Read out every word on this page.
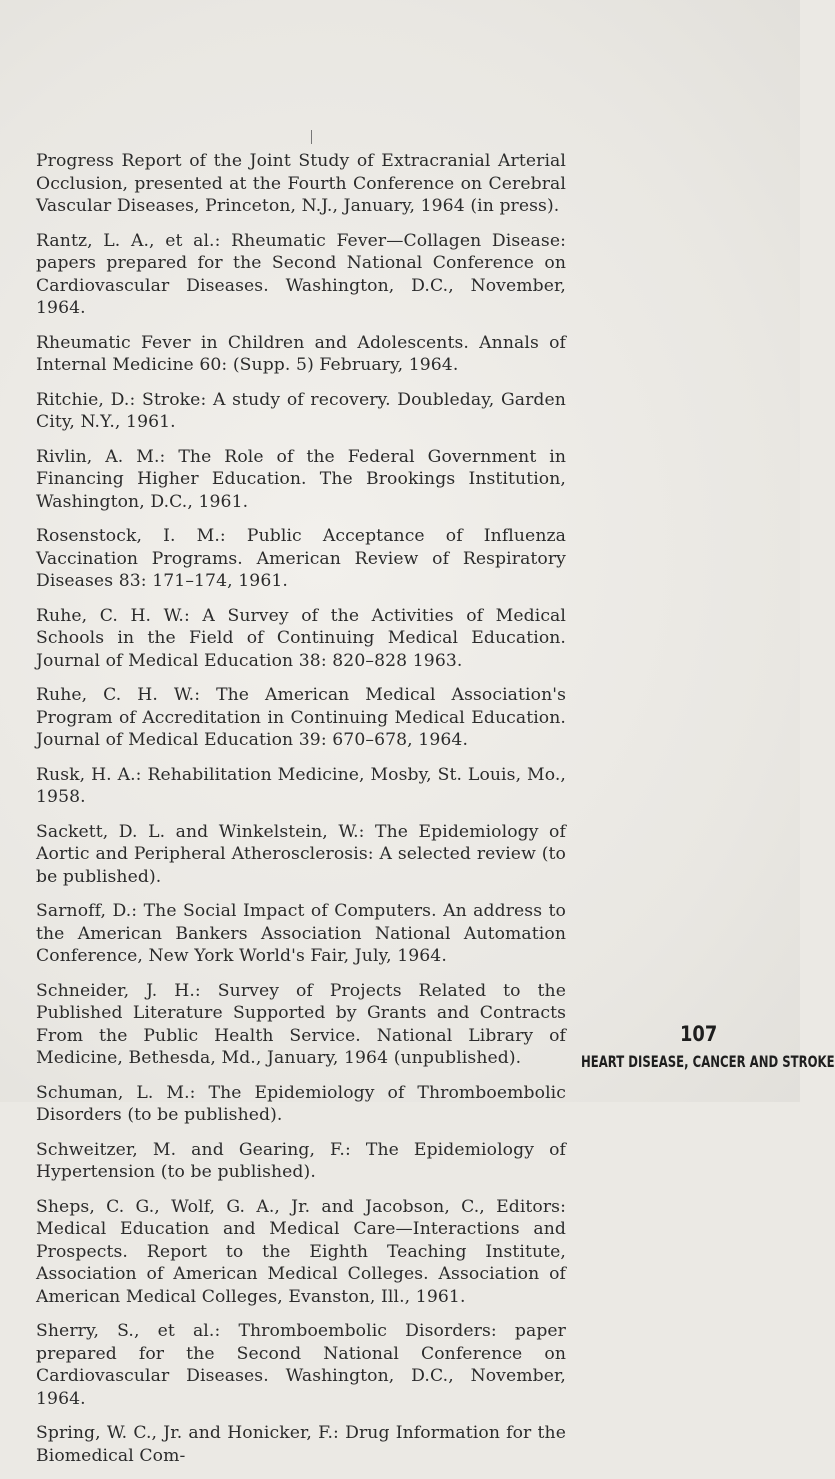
Progress Report of the Joint Study of Extracranial Arterial Occlusion, presented at the Fourth Conference on Cerebral Vascular Diseases, Princeton, N.J., January, 1964 (in press).

Rantz, L. A., et al.: Rheumatic Fever—Collagen Disease: papers prepared for the Second National Conference on Cardiovascular Diseases. Washington, D.C., November, 1964.

Rheumatic Fever in Children and Adolescents. Annals of Internal Medicine 60: (Supp. 5) February, 1964.

Ritchie, D.: Stroke: A study of recovery. Doubleday, Garden City, N.Y., 1961.

Rivlin, A. M.: The Role of the Federal Government in Financing Higher Education. The Brookings Institution, Washington, D.C., 1961.

Rosenstock, I. M.: Public Acceptance of Influenza Vaccination Programs. American Review of Respiratory Diseases 83: 171–174, 1961.

Ruhe, C. H. W.: A Survey of the Activities of Medical Schools in the Field of Continuing Medical Education. Journal of Medical Education 38: 820–828 1963.

Ruhe, C. H. W.: The American Medical Association's Program of Accreditation in Continuing Medical Education. Journal of Medical Education 39: 670–678, 1964.

Rusk, H. A.: Rehabilitation Medicine, Mosby, St. Louis, Mo., 1958.

Sackett, D. L. and Winkelstein, W.: The Epidemiology of Aortic and Peripheral Atherosclerosis: A selected review (to be published).

Sarnoff, D.: The Social Impact of Computers. An address to the American Bankers Association National Automation Conference, New York World's Fair, July, 1964.

Schneider, J. H.: Survey of Projects Related to the Published Literature Supported by Grants and Contracts From the Public Health Service. National Library of Medicine, Bethesda, Md., January, 1964 (unpublished).

Schuman, L. M.: The Epidemiology of Thromboembolic Disorders (to be published).

Schweitzer, M. and Gearing, F.: The Epidemiology of Hypertension (to be published).

Sheps, C. G., Wolf, G. A., Jr. and Jacobson, C., Editors: Medical Education and Medical Care—Interactions and Prospects. Report to the Eighth Teaching Institute, Association of American Medical Colleges. Association of American Medical Colleges, Evanston, Ill., 1961.

Sherry, S., et al.: Thromboembolic Disorders: paper prepared for the Second National Conference on Cardiovascular Diseases. Washington, D.C., November, 1964.

Spring, W. C., Jr. and Honicker, F.: Drug Information for the Biomedical Com-

107
HEART DISEASE, CANCER AND STROKE
